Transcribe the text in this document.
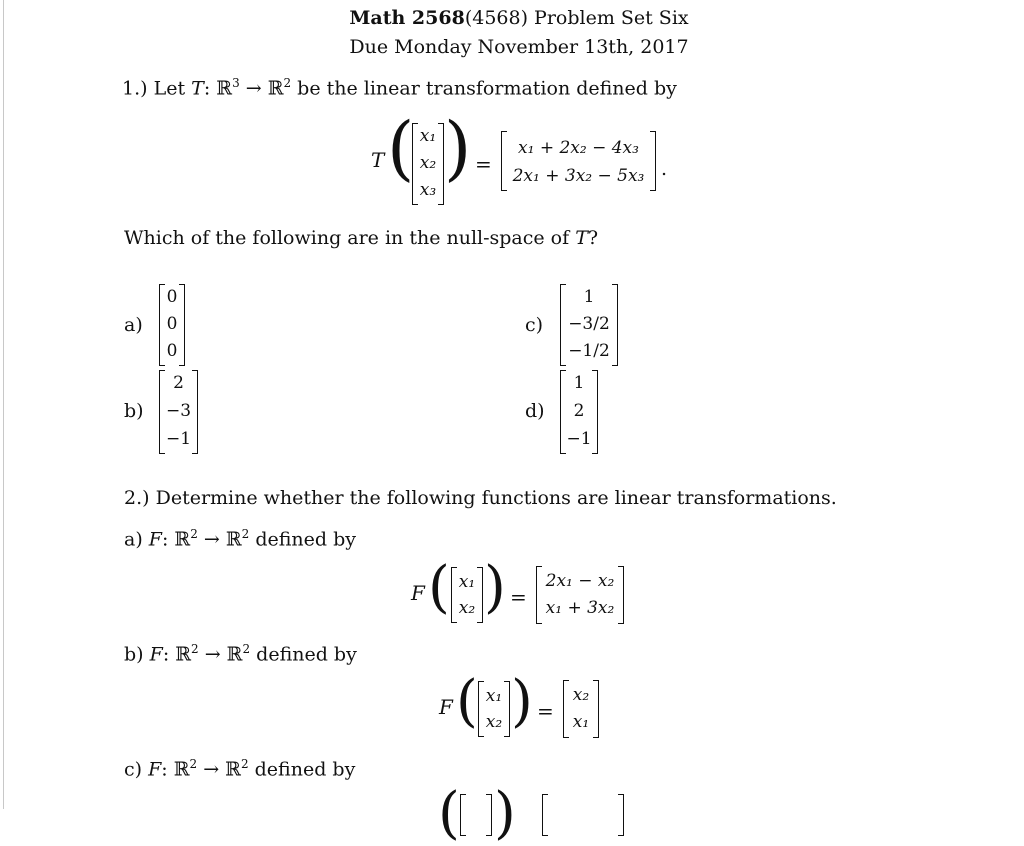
Math 2568(4568) Problem Set Six
Due Monday November 13th, 2017
1.) Let T: ℝ$^3$ → ℝ$^2$ be the linear transformation defined by
T ( x₁
x₂
x₃
) =
x₁ + 2x₂ − 4x₃
2x₁ + 3x₂ − 5x₃ .
Which of the following are in the null-space of T?
a)
0
0
0
b)
2
−3
−1
c)
1
−3/2
−1/2
d)
1
2
−1
2.) Determine whether the following functions are linear transformations.
a) F: ℝ$^2$ → ℝ$^2$ defined by
F ( x₁
x₂ ) =
2x₁ − x₂
x₁ + 3x₂
b) F: ℝ$^2$ → ℝ$^2$ defined by
F ( x₁
x₂ ) =
x₂
x₁
c) F: ℝ$^2$ → ℝ$^2$ defined by
( )
